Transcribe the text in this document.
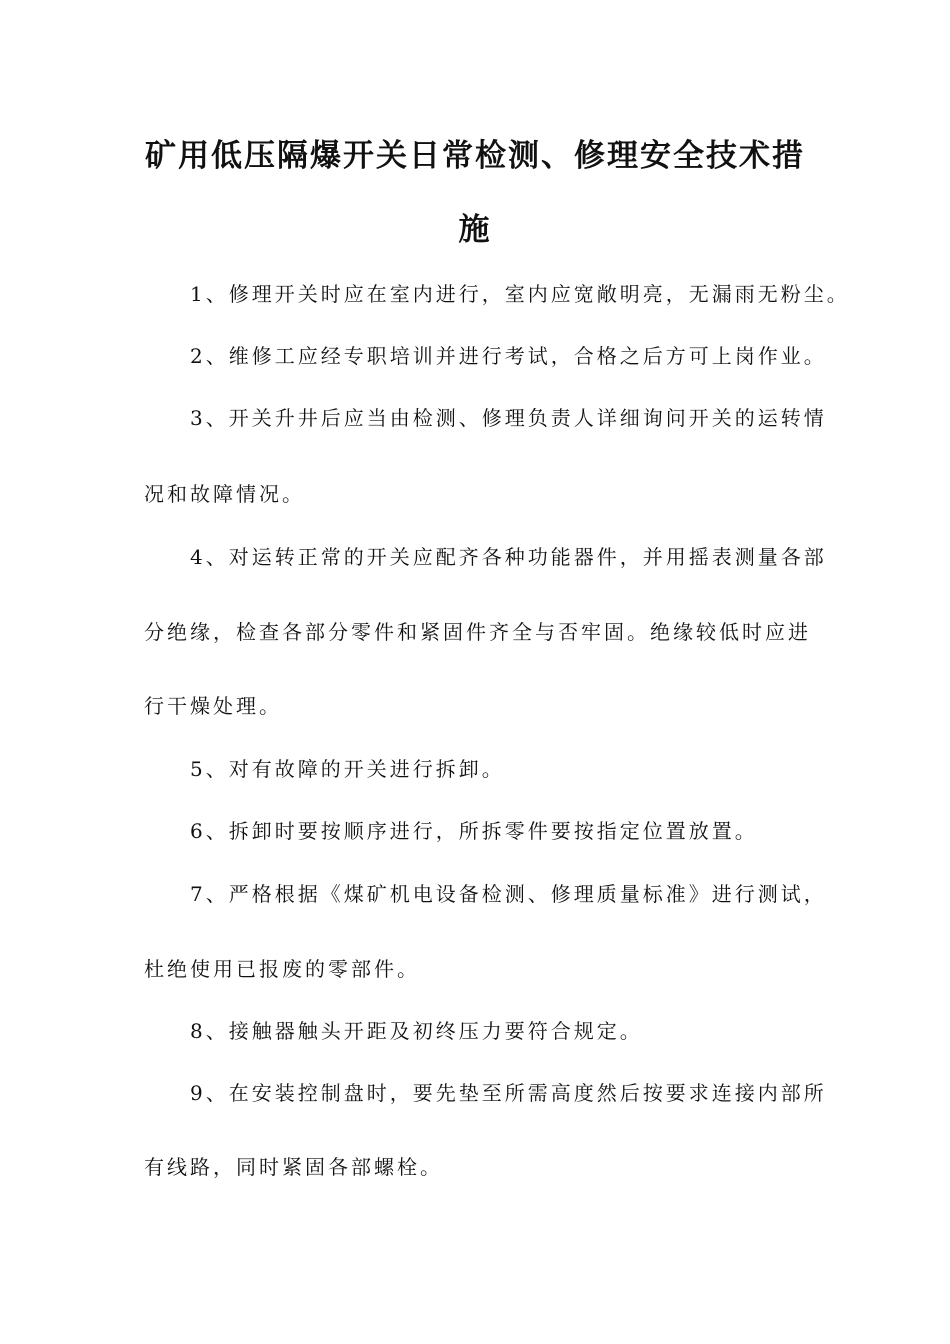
矿用低压隔爆开关日常检测、修理安全技术措
施
1、修理开关时应在室内进行，室内应宽敞明亮，无漏雨无粉尘。
2、维修工应经专职培训并进行考试，合格之后方可上岗作业。
3、开关升井后应当由检测、修理负责人详细询问开关的运转情
况和故障情况。
4、对运转正常的开关应配齐各种功能器件，并用摇表测量各部
分绝缘，检查各部分零件和紧固件齐全与否牢固。绝缘较低时应进
行干燥处理。
5、对有故障的开关进行拆卸。
6、拆卸时要按顺序进行，所拆零件要按指定位置放置。
7、严格根据《煤矿机电设备检测、修理质量标准》进行测试，
杜绝使用已报废的零部件。
8、接触器触头开距及初终压力要符合规定。
9、在安装控制盘时，要先垫至所需高度然后按要求连接内部所
有线路，同时紧固各部螺栓。
